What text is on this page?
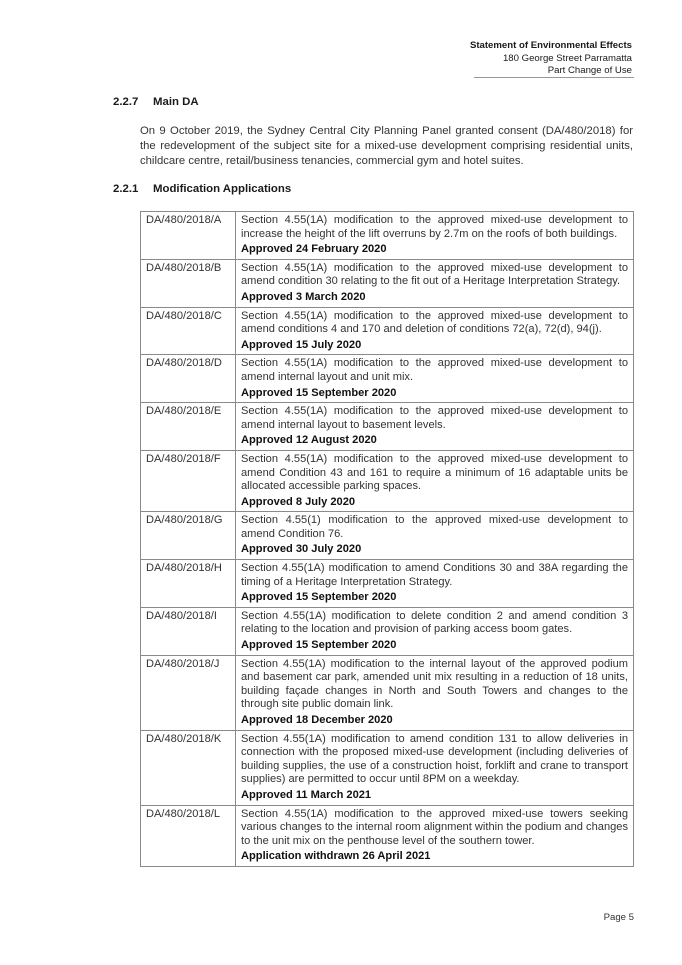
Statement of Environmental Effects
180 George Street Parramatta
Part Change of Use
2.2.7 Main DA
On 9 October 2019, the Sydney Central City Planning Panel granted consent (DA/480/2018) for the redevelopment of the subject site for a mixed-use development comprising residential units, childcare centre, retail/business tenancies, commercial gym and hotel suites.
2.2.1 Modification Applications
DA/480/2018/A	Section 4.55(1A) modification to the approved mixed-use development to increase the height of the lift overruns by 2.7m on the roofs of both buildings.
Approved 24 February 2020

DA/480/2018/B	Section 4.55(1A) modification to the approved mixed-use development to amend condition 30 relating to the fit out of a Heritage Interpretation Strategy.
Approved 3 March 2020

DA/480/2018/C	Section 4.55(1A) modification to the approved mixed-use development to amend conditions 4 and 170 and deletion of conditions 72(a), 72(d), 94(j).
Approved 15 July 2020

DA/480/2018/D	Section 4.55(1A) modification to the approved mixed-use development to amend internal layout and unit mix.
Approved 15 September 2020

DA/480/2018/E	Section 4.55(1A) modification to the approved mixed-use development to amend internal layout to basement levels.
Approved 12 August 2020

DA/480/2018/F	Section 4.55(1A) modification to the approved mixed-use development to amend Condition 43 and 161 to require a minimum of 16 adaptable units be allocated accessible parking spaces.
Approved 8 July 2020

DA/480/2018/G	Section 4.55(1) modification to the approved mixed-use development to amend Condition 76.
Approved 30 July 2020

DA/480/2018/H	Section 4.55(1A) modification to amend Conditions 30 and 38A regarding the timing of a Heritage Interpretation Strategy.
Approved 15 September 2020

DA/480/2018/I	Section 4.55(1A) modification to delete condition 2 and amend condition 3 relating to the location and provision of parking access boom gates.
Approved 15 September 2020

DA/480/2018/J	Section 4.55(1A) modification to the internal layout of the approved podium and basement car park, amended unit mix resulting in a reduction of 18 units, building façade changes in North and South Towers and changes to the through site public domain link.
Approved 18 December 2020

DA/480/2018/K	Section 4.55(1A) modification to amend condition 131 to allow deliveries in connection with the proposed mixed-use development (including deliveries of building supplies, the use of a construction hoist, forklift and crane to transport supplies) are permitted to occur until 8PM on a weekday.
Approved 11 March 2021

DA/480/2018/L	Section 4.55(1A) modification to the approved mixed-use towers seeking various changes to the internal room alignment within the podium and changes to the unit mix on the penthouse level of the southern tower.
Application withdrawn 26 April 2021
Page 5
